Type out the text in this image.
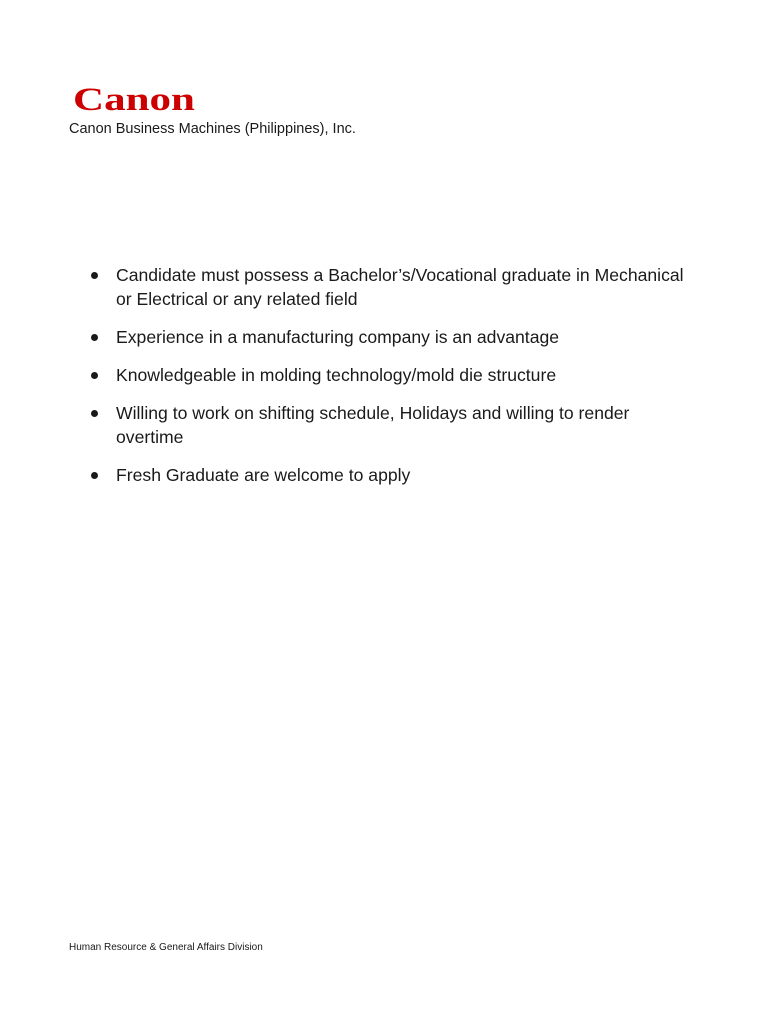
Canon
Canon Business Machines (Philippines), Inc.
Candidate must possess a Bachelor’s/Vocational graduate in Mechanical or Electrical or any related field
Experience in a manufacturing company is an advantage
Knowledgeable in molding technology/mold die structure
Willing to work on shifting schedule, Holidays and willing to render overtime
Fresh Graduate are welcome to apply
Human Resource & General Affairs Division
